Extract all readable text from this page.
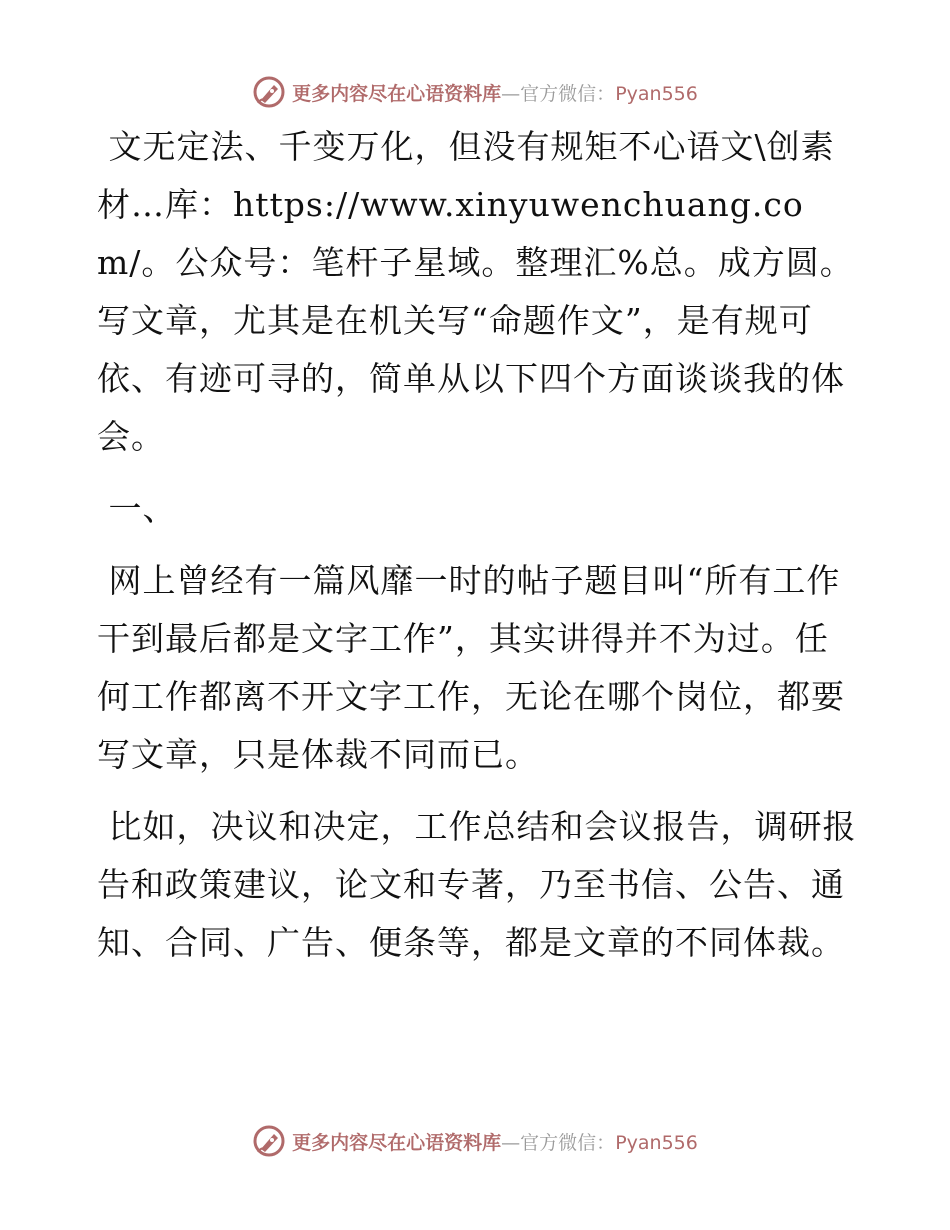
更多内容尽在心语资料库—官方微信：Pyan556

文无定法、千变万化，但没有规矩不心语文\创素材…库：https://www.xinyuwenchuang.com/。公众号：笔杆子星域。整理汇%总。成方圆。写文章，尤其是在机关写“命题作文”，是有规可依、有迹可寻的，简单从以下四个方面谈谈我的体会。

一、

网上曾经有一篇风靡一时的帖子题目叫“所有工作干到最后都是文字工作”，其实讲得并不为过。任何工作都离不开文字工作，无论在哪个岗位，都要写文章，只是体裁不同而已。

比如，决议和决定，工作总结和会议报告，调研报告和政策建议，论文和专著，乃至书信、公告、通知、合同、广告、便条等，都是文章的不同体裁。

更多内容尽在心语资料库—官方微信：Pyan556
